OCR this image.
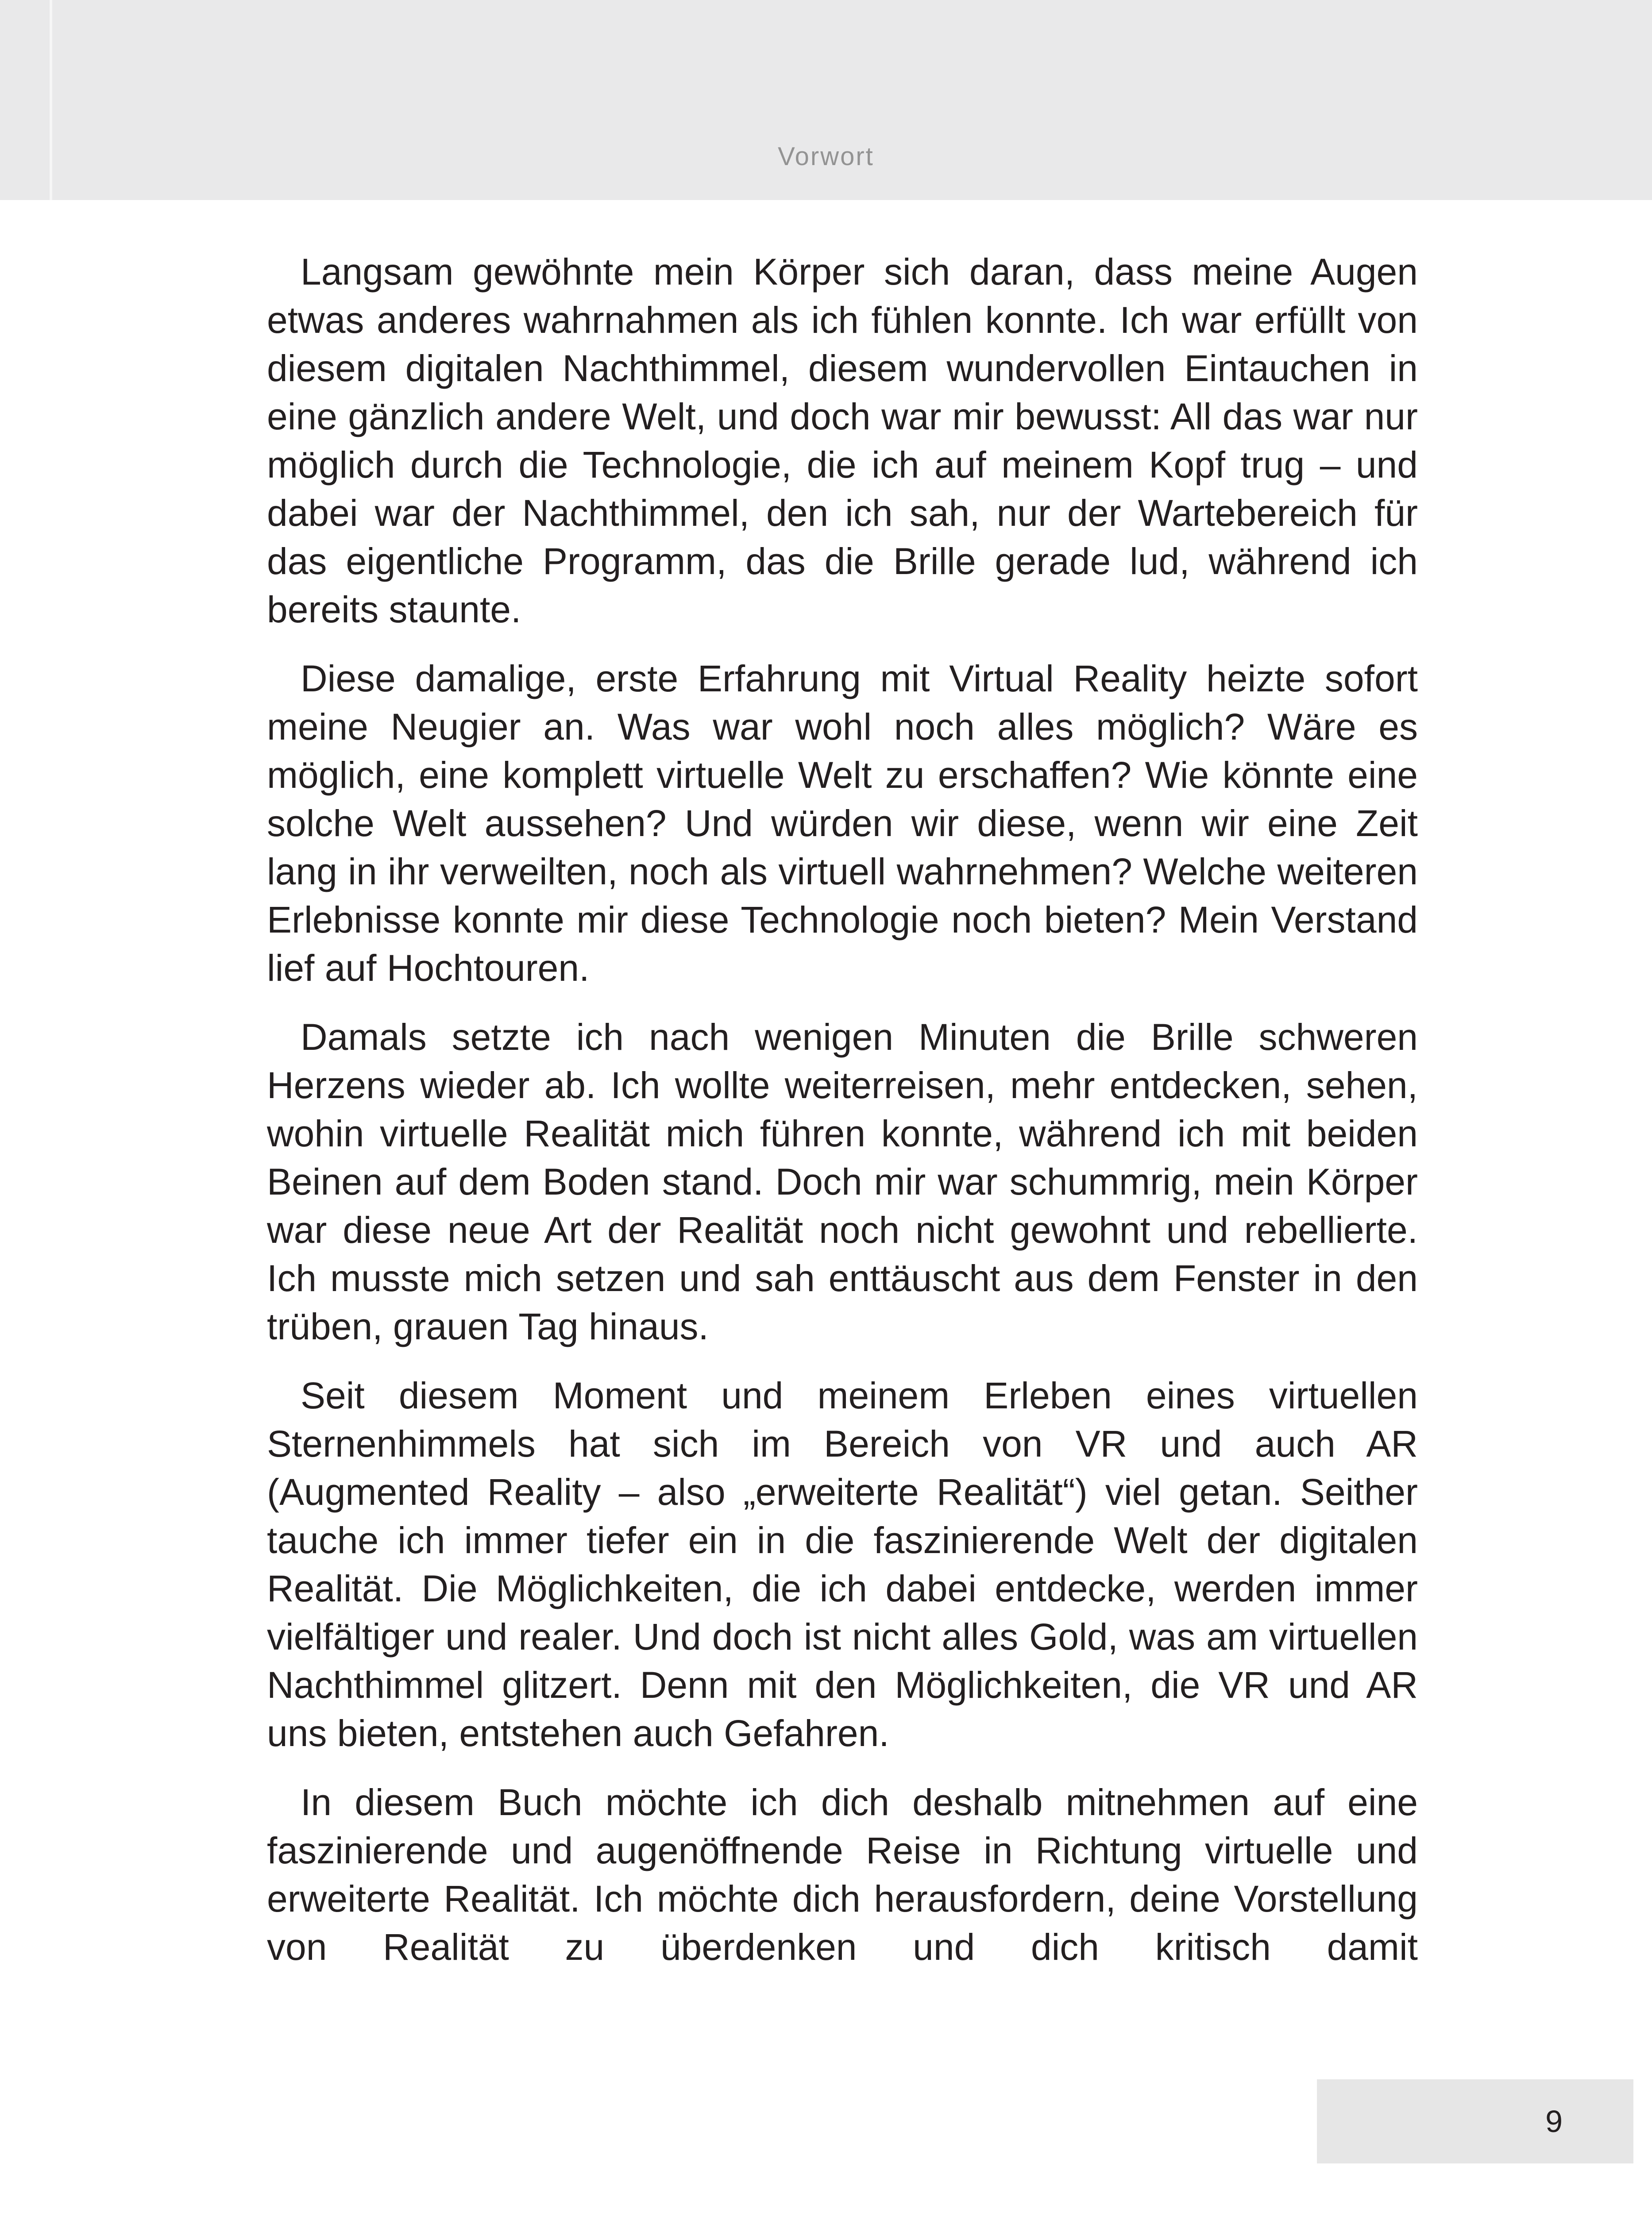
Vorwort

Langsam gewöhnte mein Körper sich daran, dass meine Augen etwas anderes wahrnahmen als ich fühlen konnte. Ich war erfüllt von diesem digitalen Nachthimmel, diesem wundervollen Eintauchen in eine gänzlich andere Welt, und doch war mir bewusst: All das war nur möglich durch die Technologie, die ich auf meinem Kopf trug – und dabei war der Nachthimmel, den ich sah, nur der Wartebereich für das eigentliche Programm, das die Brille gerade lud, während ich bereits staunte.

Diese damalige, erste Erfahrung mit Virtual Reality heizte sofort meine Neugier an. Was war wohl noch alles möglich? Wäre es möglich, eine komplett virtuelle Welt zu erschaffen? Wie könnte eine solche Welt aussehen? Und würden wir diese, wenn wir eine Zeit lang in ihr verweilten, noch als virtuell wahrnehmen? Welche weiteren Erlebnisse konnte mir diese Technologie noch bieten? Mein Verstand lief auf Hochtouren.

Damals setzte ich nach wenigen Minuten die Brille schweren Herzens wieder ab. Ich wollte weiterreisen, mehr entdecken, sehen, wohin virtuelle Realität mich führen konnte, während ich mit beiden Beinen auf dem Boden stand. Doch mir war schummrig, mein Körper war diese neue Art der Realität noch nicht gewohnt und rebellierte. Ich musste mich setzen und sah enttäuscht aus dem Fenster in den trüben, grauen Tag hinaus.

Seit diesem Moment und meinem Erleben eines virtuellen Sternenhimmels hat sich im Bereich von VR und auch AR (Augmented Reality – also „erweiterte Realität“) viel getan. Seither tauche ich immer tiefer ein in die faszinierende Welt der digitalen Realität. Die Möglichkeiten, die ich dabei entdecke, werden immer vielfältiger und realer. Und doch ist nicht alles Gold, was am virtuellen Nachthimmel glitzert. Denn mit den Möglichkeiten, die VR und AR uns bieten, entstehen auch Gefahren.

In diesem Buch möchte ich dich deshalb mitnehmen auf eine faszinierende und augenöffnende Reise in Richtung virtuelle und erweiterte Realität. Ich möchte dich herausfordern, deine Vorstellung von Realität zu überdenken und dich kritisch damit

9
